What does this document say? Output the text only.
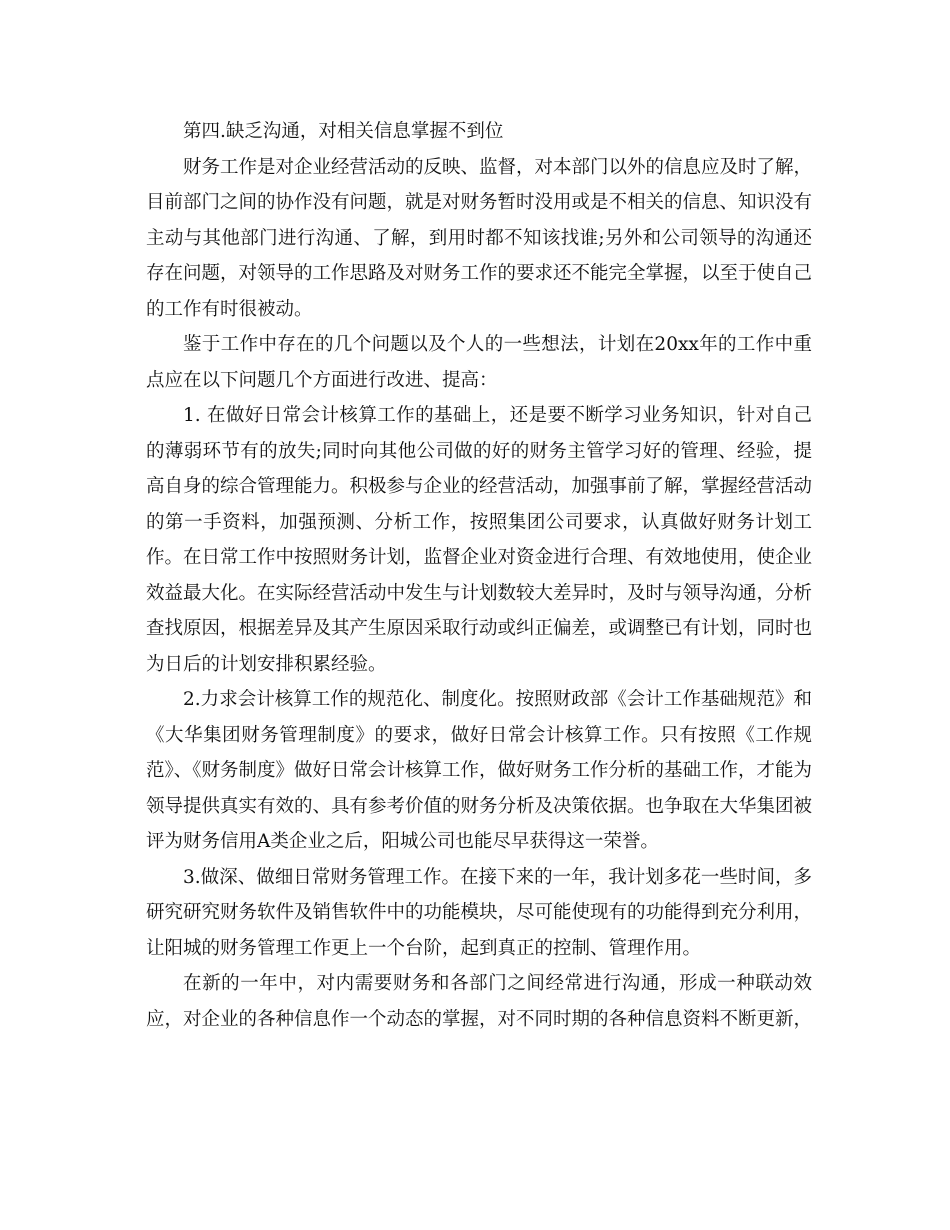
第四.缺乏沟通，对相关信息掌握不到位

财务工作是对企业经营活动的反映、监督，对本部门以外的信息应及时了解，目前部门之间的协作没有问题，就是对财务暂时没用或是不相关的信息、知识没有主动与其他部门进行沟通、了解，到用时都不知该找谁;另外和公司领导的沟通还存在问题，对领导的工作思路及对财务工作的要求还不能完全掌握，以至于使自己的工作有时很被动。

鉴于工作中存在的几个问题以及个人的一些想法，计划在20xx年的工作中重点应在以下问题几个方面进行改进、提高：

1. 在做好日常会计核算工作的基础上，还是要不断学习业务知识，针对自己的薄弱环节有的放失;同时向其他公司做的好的财务主管学习好的管理、经验，提高自身的综合管理能力。积极参与企业的经营活动，加强事前了解，掌握经营活动的第一手资料，加强预测、分析工作，按照集团公司要求，认真做好财务计划工作。在日常工作中按照财务计划，监督企业对资金进行合理、有效地使用，使企业效益最大化。在实际经营活动中发生与计划数较大差异时，及时与领导沟通，分析查找原因，根据差异及其产生原因采取行动或纠正偏差，或调整已有计划，同时也为日后的计划安排积累经验。

2.力求会计核算工作的规范化、制度化。按照财政部《会计工作基础规范》和《大华集团财务管理制度》的要求，做好日常会计核算工作。只有按照《工作规范》、《财务制度》做好日常会计核算工作，做好财务工作分析的基础工作，才能为领导提供真实有效的、具有参考价值的财务分析及决策依据。也争取在大华集团被评为财务信用A类企业之后，阳城公司也能尽早获得这一荣誉。

3.做深、做细日常财务管理工作。在接下来的一年，我计划多花一些时间，多研究研究财务软件及销售软件中的功能模块，尽可能使现有的功能得到充分利用，让阳城的财务管理工作更上一个台阶，起到真正的控制、管理作用。

在新的一年中，对内需要财务和各部门之间经常进行沟通，形成一种联动效应，对企业的各种信息作一个动态的掌握，对不同时期的各种信息资料不断更新，
